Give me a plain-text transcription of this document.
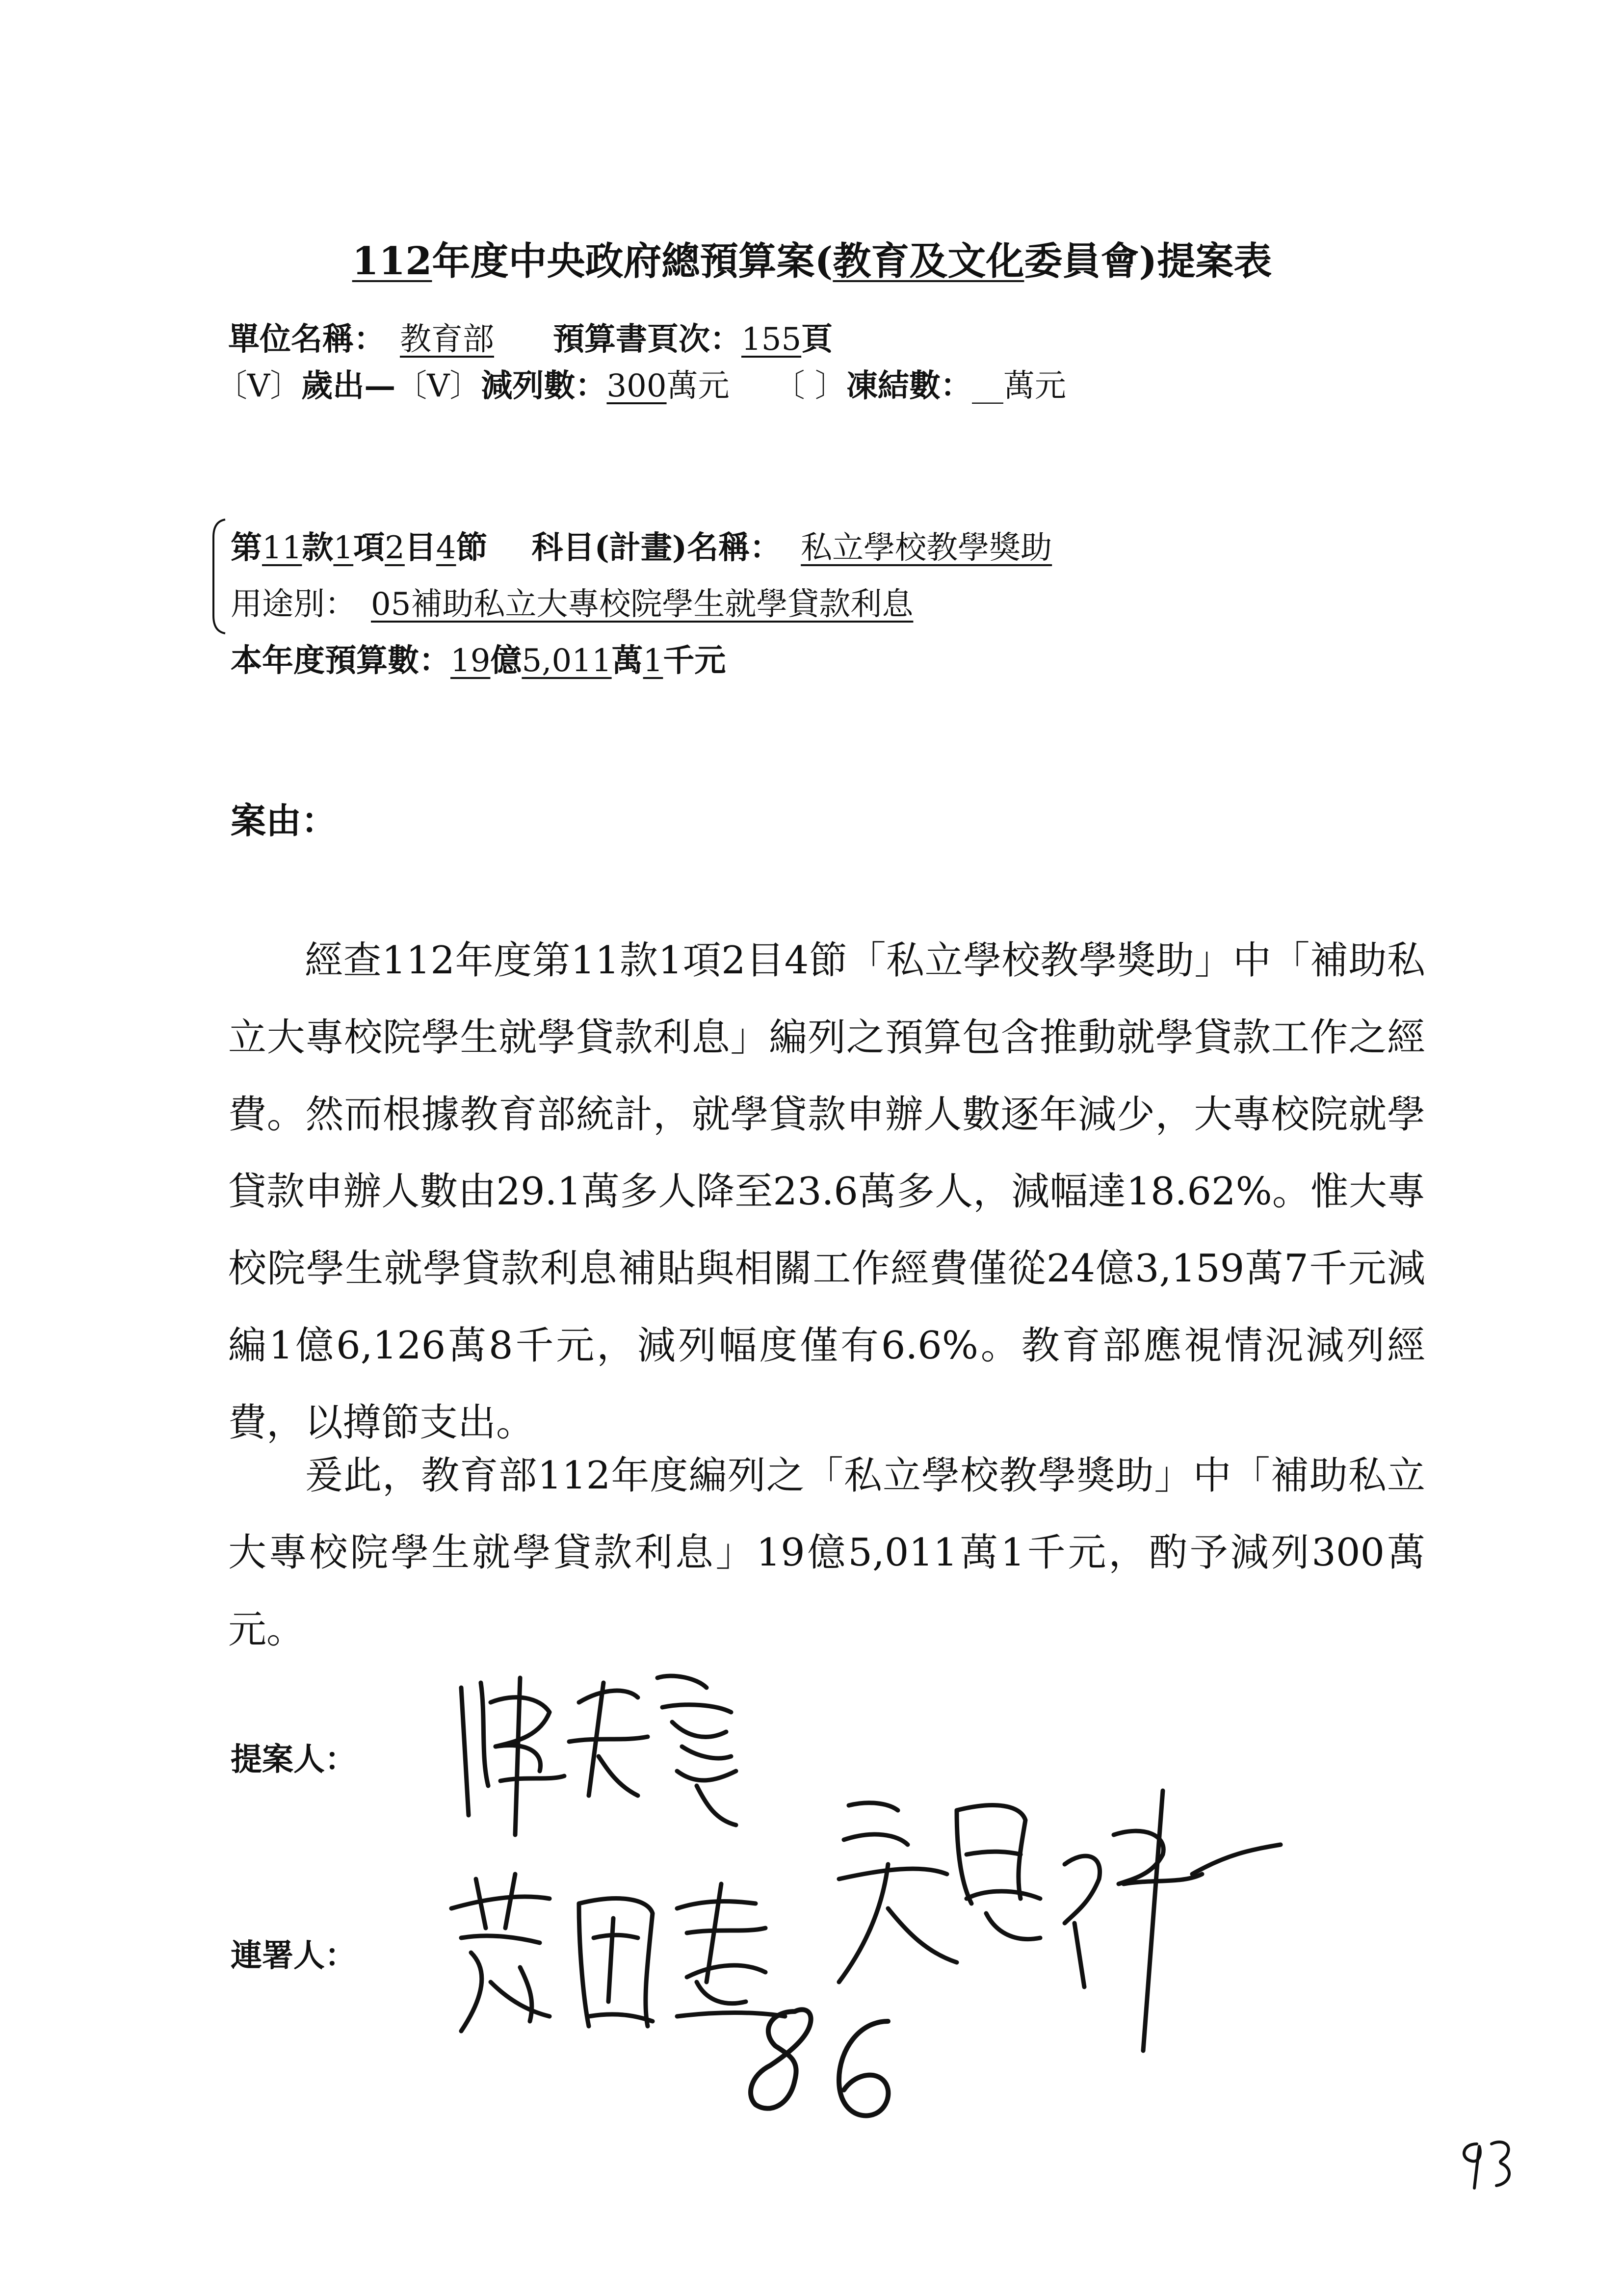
112年度中央政府總預算案(教育及文化委員會)提案表
單位名稱： 教育部 預算書頁次：155頁
〔V〕歲出—〔V〕減列數：300萬元 〔 〕凍結數：__萬元
第11款1項2目4節 科目(計畫)名稱： 私立學校教學獎助
用途別： 05補助私立大專校院學生就學貸款利息
本年度預算數：19億5,011萬1千元
案由：

經查112年度第11款1項2目4節「私立學校教學獎助」中「補助私立大專校院學生就學貸款利息」編列之預算包含推動就學貸款工作之經費。然而根據教育部統計，就學貸款申辦人數逐年減少，大專校院就學貸款申辦人數由29.1萬多人降至23.6萬多人，減幅達18.62%。惟大專校院學生就學貸款利息補貼與相關工作經費僅從24億3,159萬7千元減編1億6,126萬8千元，減列幅度僅有6.6%。教育部應視情況減列經費，以撙節支出。

爰此，教育部112年度編列之「私立學校教學獎助」中「補助私立大專校院學生就學貸款利息」19億5,011萬1千元，酌予減列300萬元。

提案人：
連署人：
